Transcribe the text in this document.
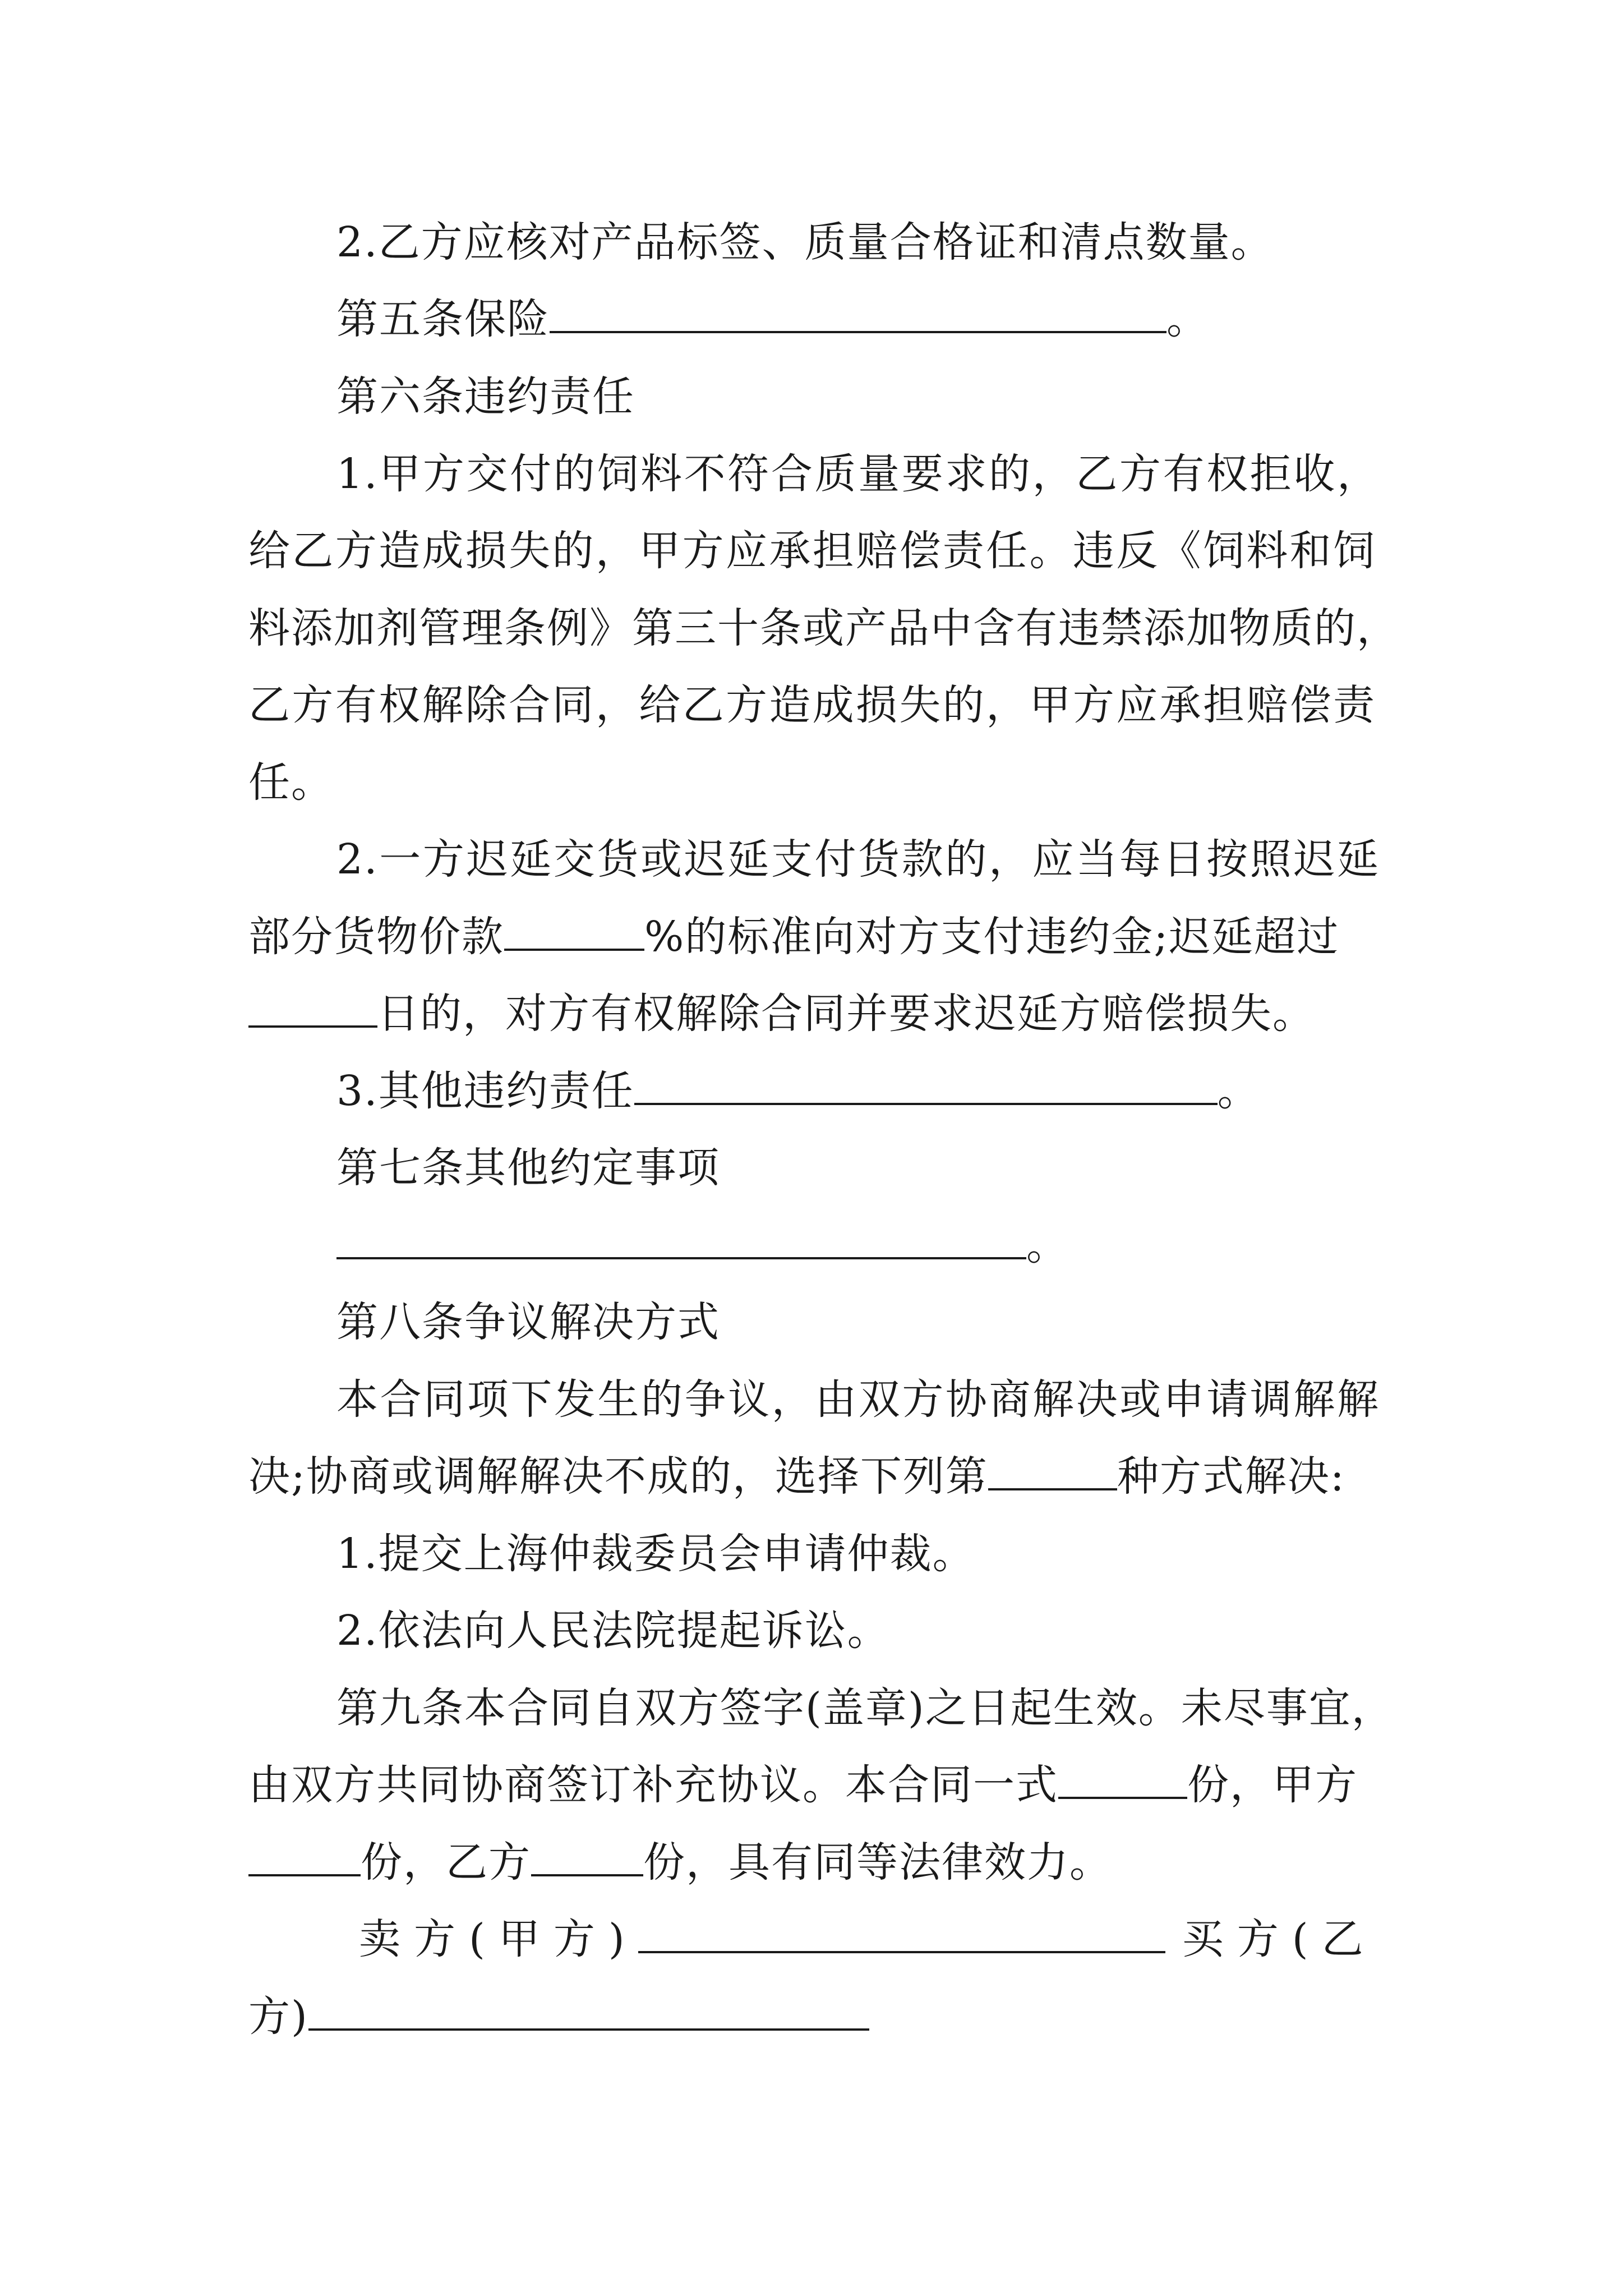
2.乙方应核对产品标签、质量合格证和清点数量。
第五条保险	。
第六条违约责任
1.甲方交付的饲料不符合质量要求的，乙方有权拒收，
给乙方造成损失的，甲方应承担赔偿责任。违反《饲料和饲
料添加剂管理条例》第三十条或产品中含有违禁添加物质的，
乙方有权解除合同，给乙方造成损失的，甲方应承担赔偿责
任。
2.一方迟延交货或迟延支付货款的，应当每日按照迟延
部分货物价款	%的标准向对方支付违约金;迟延超过
日的，对方有权解除合同并要求迟延方赔偿损失。
3.其他违约责任	。
第七条其他约定事项
。
第八条争议解决方式
本合同项下发生的争议，由双方协商解决或申请调解解
决;协商或调解解决不成的，选择下列第	种方式解决:
1.提交上海仲裁委员会申请仲裁。
2.依法向人民法院提起诉讼。
第九条本合同自双方签字(盖章)之日起生效。未尽事宜，
由双方共同协商签订补充协议。本合同一式	份，甲方
份，乙方	份，具有同等法律效力。
卖方(甲方)	买方(乙
方)
